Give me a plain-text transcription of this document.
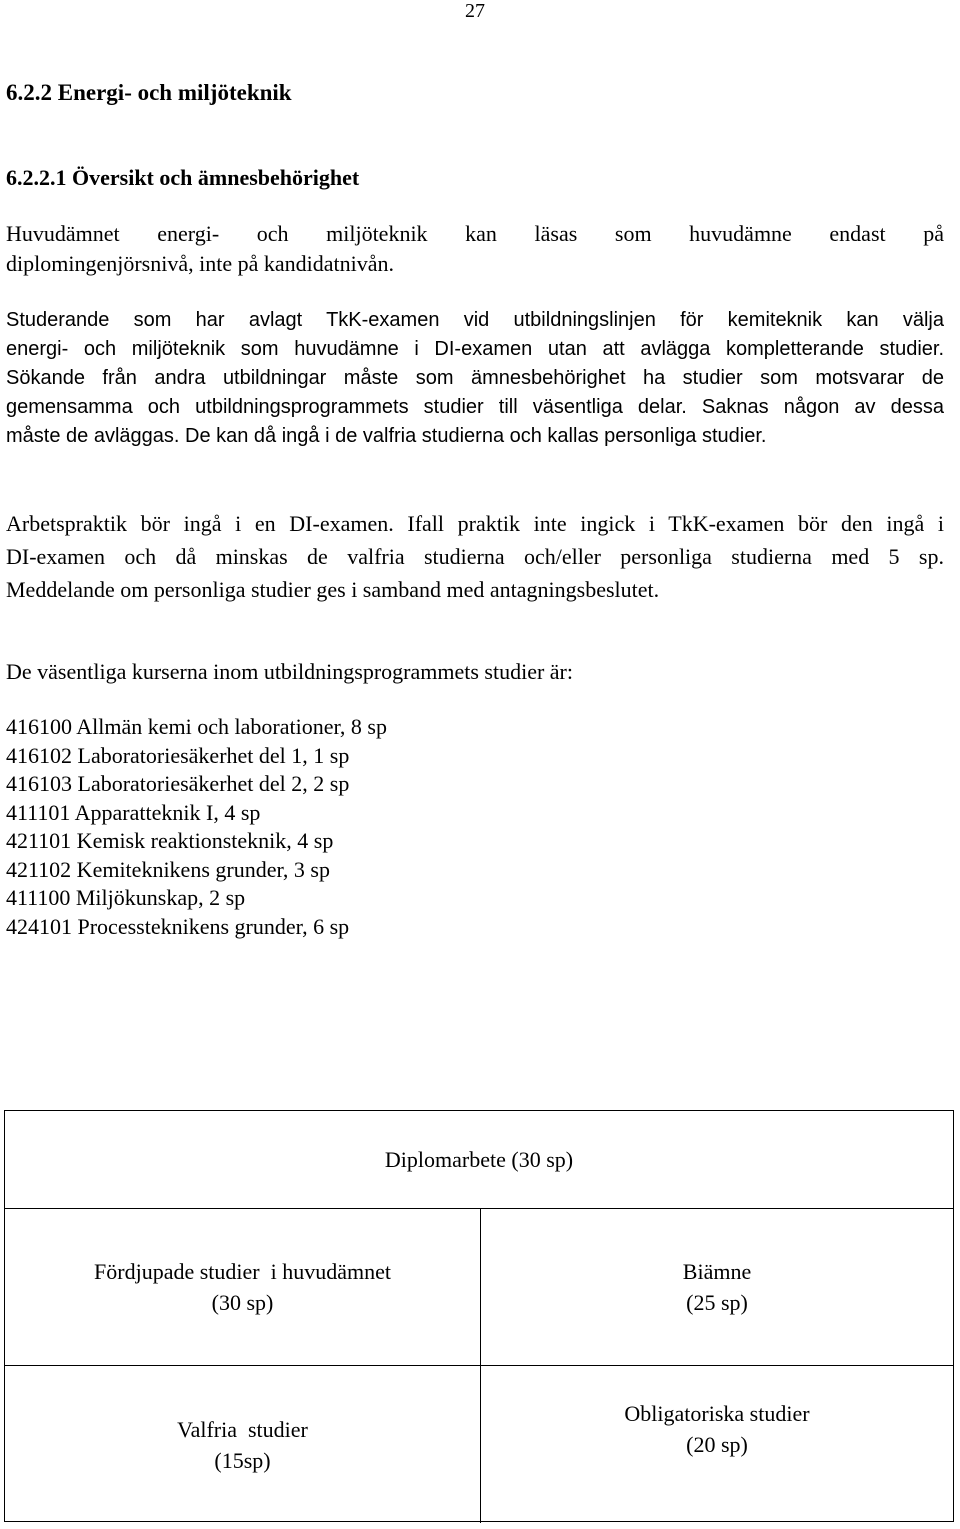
27
6.2.2 Energi- och miljöteknik
6.2.2.1 Översikt och ämnesbehörighet
Huvudämnet energi- och miljöteknik kan läsas som huvudämne endast på
diplomingenjörsnivå, inte på kandidatnivån.
Studerande som har avlagt TkK-examen vid utbildningslinjen för kemiteknik kan välja
energi- och miljöteknik som huvudämne i DI-examen utan att avlägga kompletterande studier.
Sökande från andra utbildningar måste som ämnesbehörighet ha studier som motsvarar de
gemensamma och utbildningsprogrammets studier till väsentliga delar. Saknas någon av dessa
måste de avläggas. De kan då ingå i de valfria studierna och kallas personliga studier.
Arbetspraktik bör ingå i en DI-examen. Ifall praktik inte ingick i TkK-examen bör den ingå i
DI-examen och då minskas de valfria studierna och/eller personliga studierna med 5 sp.
Meddelande om personliga studier ges i samband med antagningsbeslutet.
De väsentliga kurserna inom utbildningsprogrammets studier är:
416100 Allmän kemi och laborationer, 8 sp
416102 Laboratoriesäkerhet del 1, 1 sp
416103 Laboratoriesäkerhet del 2, 2 sp
411101 Apparatteknik I, 4 sp
421101 Kemisk reaktionsteknik, 4 sp
421102 Kemiteknikens grunder, 3 sp
411100 Miljökunskap, 2 sp
424101 Processteknikens grunder, 6 sp
Diplomarbete (30 sp)
Fördjupade studier  i huvudämnet
(30 sp)
Biämne
(25 sp)
Valfria  studier
(15sp)
Obligatoriska studier
(20 sp)
